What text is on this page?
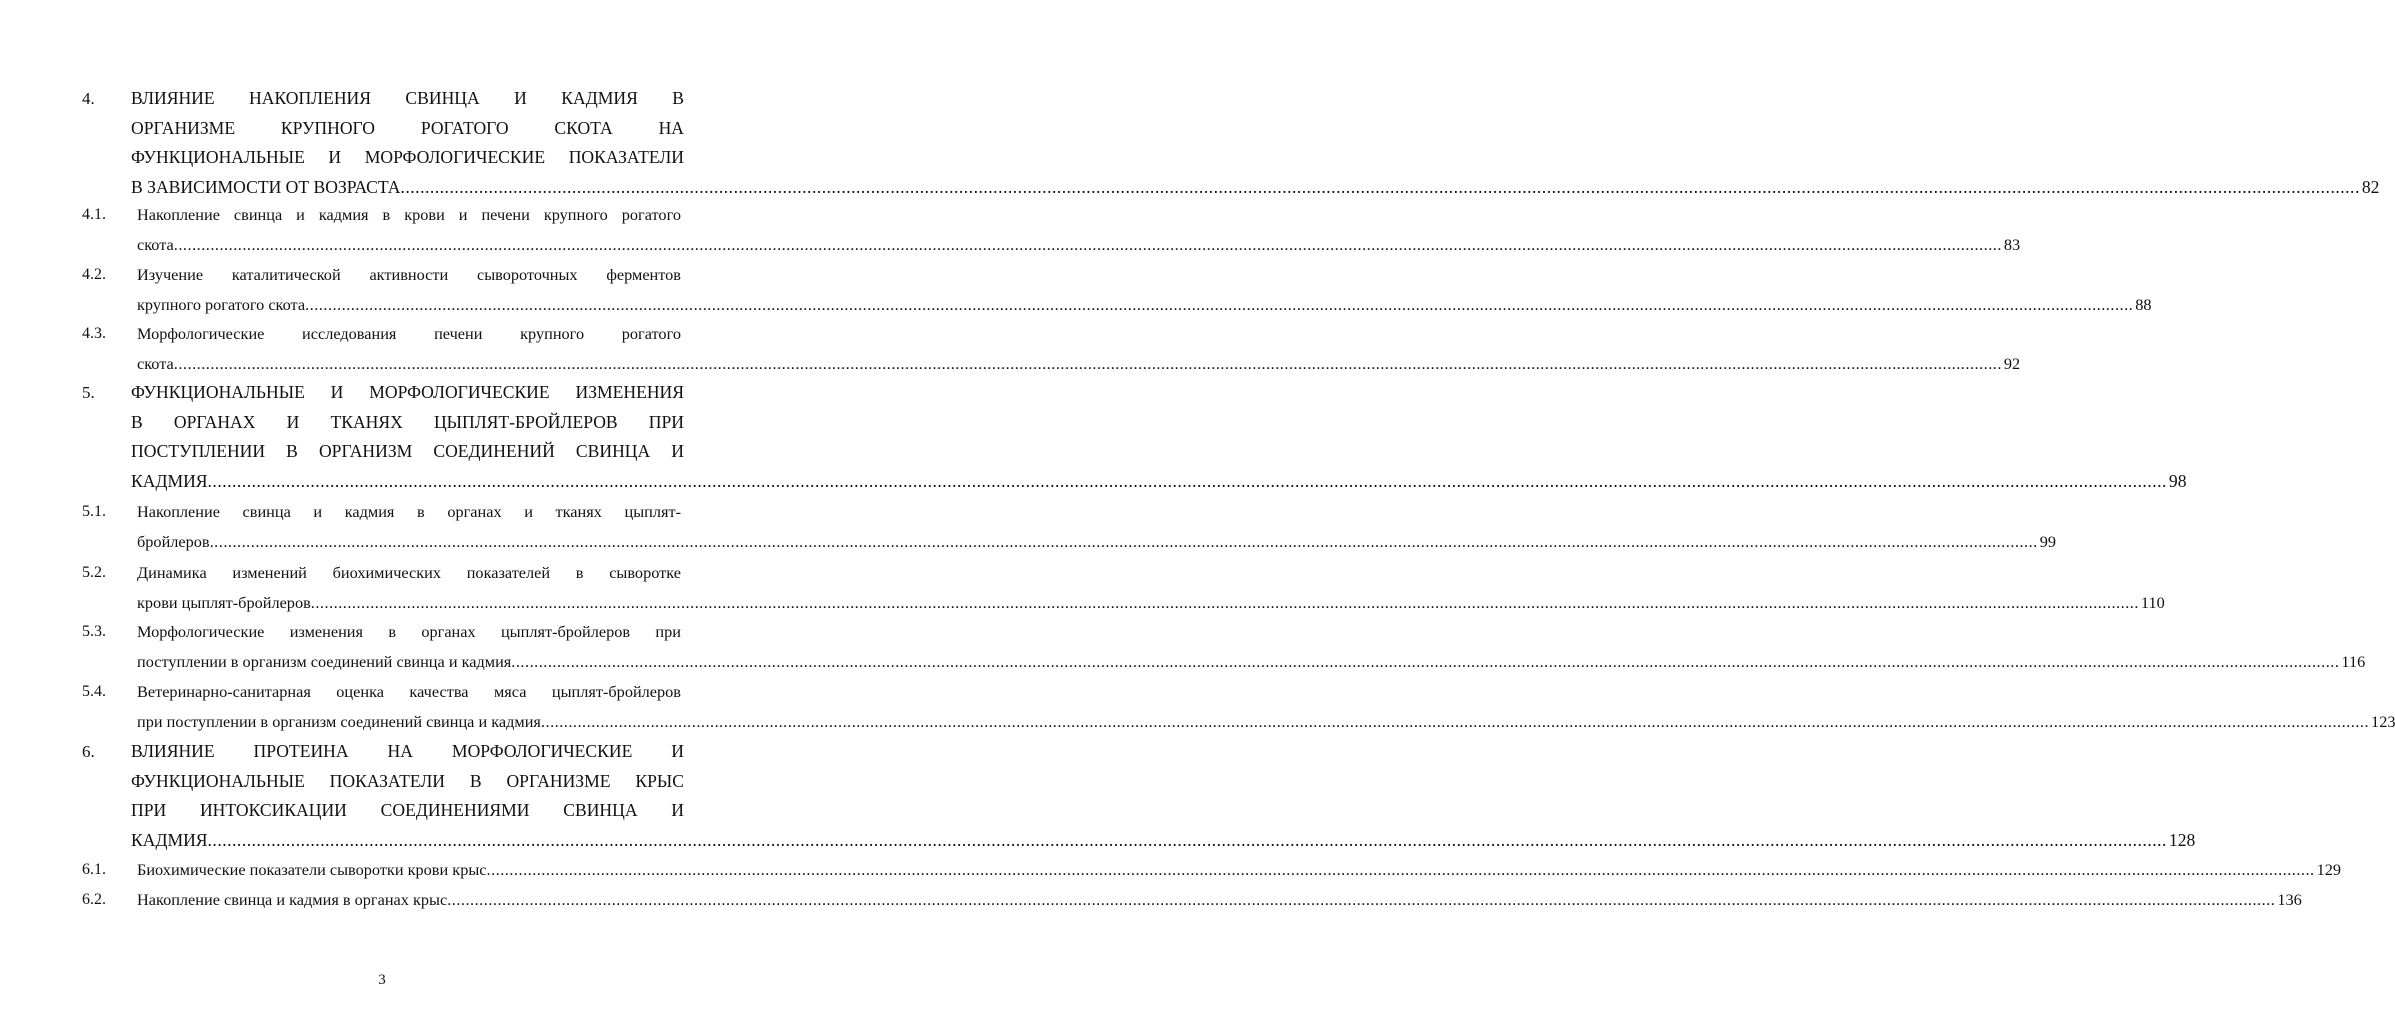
4. ВЛИЯНИЕ НАКОПЛЕНИЯ СВИНЦА И КАДМИЯ В
ОРГАНИЗМЕ КРУПНОГО РОГАТОГО СКОТА НА
ФУНКЦИОНАЛЬНЫЕ И МОРФОЛОГИЧЕСКИЕ ПОКАЗАТЕЛИ
В ЗАВИСИМОСТИ ОТ ВОЗРАСТА ................................................................................................................................................................................................................................................................................................................................................................................................................ 82
4.1. Накопление свинца и кадмия в крови и печени крупного рогатого
скота ................................................................................................................................................................................................................................................................................................................................................................................................................ 83
4.2. Изучение каталитической активности сывороточных ферментов
крупного рогатого скота ................................................................................................................................................................................................................................................................................................................................................................................................................ 88
4.3. Морфологические исследования печени крупного рогатого
скота ................................................................................................................................................................................................................................................................................................................................................................................................................ 92
5. ФУНКЦИОНАЛЬНЫЕ И МОРФОЛОГИЧЕСКИЕ ИЗМЕНЕНИЯ
В ОРГАНАХ И ТКАНЯХ ЦЫПЛЯТ-БРОЙЛЕРОВ ПРИ
ПОСТУПЛЕНИИ В ОРГАНИЗМ СОЕДИНЕНИЙ СВИНЦА И
КАДМИЯ ................................................................................................................................................................................................................................................................................................................................................................................................................ 98
5.1. Накопление свинца и кадмия в органах и тканях цыплят-
бройлеров ................................................................................................................................................................................................................................................................................................................................................................................................................ 99
5.2. Динамика изменений биохимических показателей в сыворотке
крови цыплят-бройлеров ................................................................................................................................................................................................................................................................................................................................................................................................................ 110
5.3. Морфологические изменения в органах цыплят-бройлеров при
поступлении в организм соединений свинца и кадмия ................................................................................................................................................................................................................................................................................................................................................................................................................ 116
5.4. Ветеринарно-санитарная оценка качества мяса цыплят-бройлеров
при поступлении в организм соединений свинца и кадмия ................................................................................................................................................................................................................................................................................................................................................................................................................ 123
6. ВЛИЯНИЕ ПРОТЕИНА НА МОРФОЛОГИЧЕСКИЕ И
ФУНКЦИОНАЛЬНЫЕ ПОКАЗАТЕЛИ В ОРГАНИЗМЕ КРЫС
ПРИ ИНТОКСИКАЦИИ СОЕДИНЕНИЯМИ СВИНЦА И
КАДМИЯ ................................................................................................................................................................................................................................................................................................................................................................................................................ 128
6.1. Биохимические показатели сыворотки крови крыс ................................................................................................................................................................................................................................................................................................................................................................................................................ 129
6.2. Накопление свинца и кадмия в органах крыс ................................................................................................................................................................................................................................................................................................................................................................................................................ 136
3
